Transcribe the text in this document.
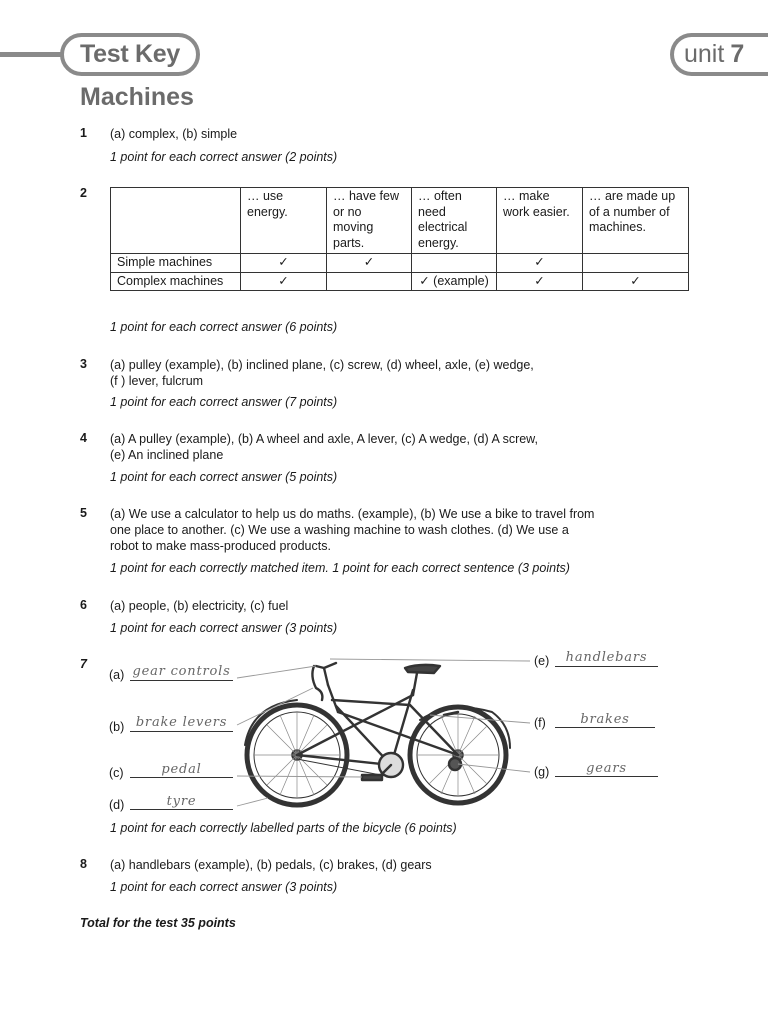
Test Key	unit 7
Machines
1 (a) complex, (b) simple
1 point for each correct answer (2 points)
2
		… use energy.	… have few or no moving parts.	… often need electrical energy.	… make work easier.	… are made up of a number of machines.
Simple machines	✓	✓		✓	
Complex machines	✓		✓ (example)	✓	✓
1 point for each correct answer (6 points)
3 (a) pulley (example), (b) inclined plane, (c) screw, (d) wheel, axle, (e) wedge,
(f ) lever, fulcrum
1 point for each correct answer (7 points)
4 (a) A pulley (example), (b) A wheel and axle, A lever, (c) A wedge, (d) A screw,
(e) An inclined plane
1 point for each correct answer (5 points)
5 (a) We use a calculator to help us do maths. (example), (b) We use a bike to travel from
one place to another. (c) We use a washing machine to wash clothes. (d) We use a
robot to make mass-produced products.
1 point for each correctly matched item. 1 point for each correct sentence (3 points)
6 (a) people, (b) electricity, (c) fuel
1 point for each correct answer (3 points)
7
(a) gear controls
(b) brake levers
(c)	pedal
(d)	tyre
(e)	handlebars
(f)	brakes
(g)	gears
1 point for each correctly labelled parts of the bicycle (6 points)
8 (a) handlebars (example), (b) pedals, (c) brakes, (d) gears
1 point for each correct answer (3 points)
Total for the test 35 points
